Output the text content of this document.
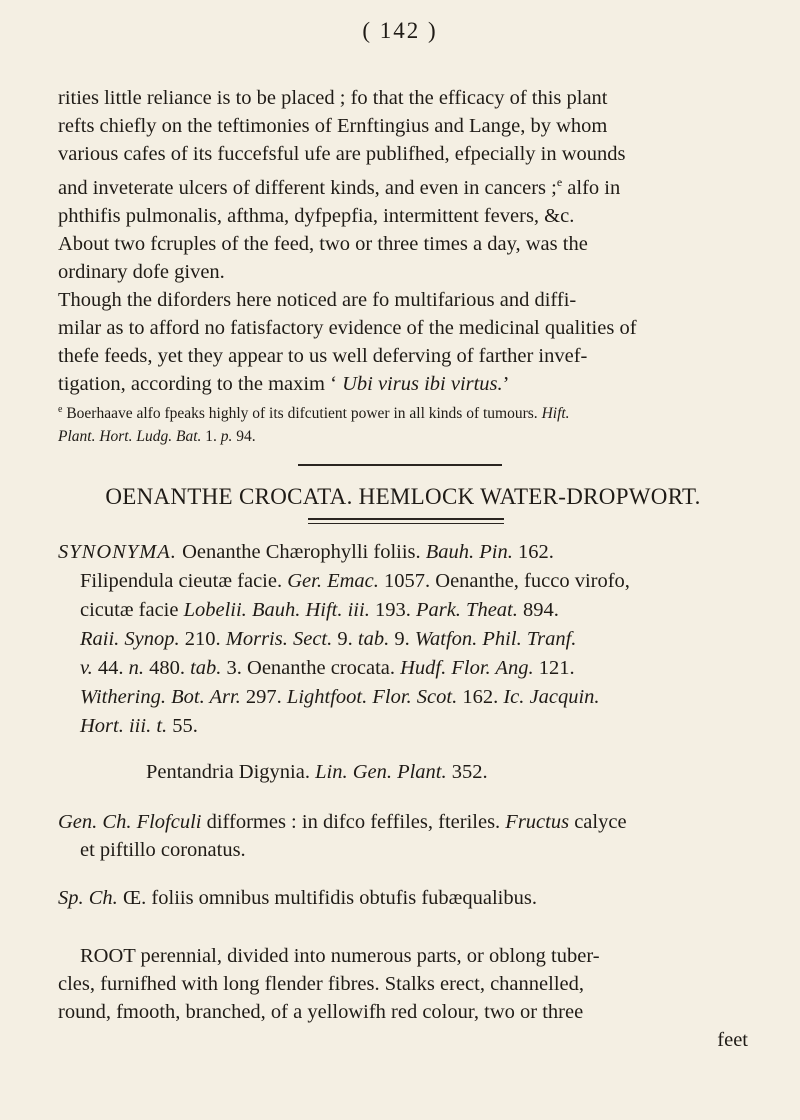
( 142 )

rities little reliance is to be placed ; fo that the efficacy of this plant

refts chiefly on the teftimonies of Ernftingius and Lange, by whom

various cafes of its fuccefsful ufe are publifhed, efpecially in wounds

and inveterate ulcers of different kinds, and even in cancers ;$^e$ alfo in

phthifis pulmonalis, afthma, dyfpepfia, intermittent fevers, &c.

About two fcruples of the feed, two or three times a day, was the

ordinary dofe given.

Though the diforders here noticed are fo multifarious and diffi-

milar as to afford no fatisfactory evidence of the medicinal qualities of

thefe feeds, yet they appear to us well deferving of farther invef-

tigation, according to the maxim ‘ Ubi virus ibi virtus.’

$^e$ Boerhaave alfo fpeaks highly of its difcutient power in all kinds of tumours. Hift.
Plant. Hort. Ludg. Bat. 1. p. 94.
OENANTHE CROCATA. HEMLOCK WATER-DROPWORT.

SYNONYMA. Oenanthe Chærophylli foliis. Bauh. Pin. 162.

Filipendula cieutæ facie. Ger. Emac. 1057. Oenanthe, fucco virofo,

cicutæ facie Lobelii. Bauh. Hift. iii. 193. Park. Theat. 894.

Raii. Synop. 210. Morris. Sect. 9. tab. 9. Watfon. Phil. Tranf.

v. 44. n. 480. tab. 3. Oenanthe crocata. Hudf. Flor. Ang. 121.

Withering. Bot. Arr. 297. Lightfoot. Flor. Scot. 162. Ic. Jacquin.

Hort. iii. t. 55.

Pentandria Digynia. Lin. Gen. Plant. 352.

Gen. Ch. Flofculi difformes : in difco feffiles, fteriles. Fructus calyce

et piftillo coronatus.

Sp. Ch. Œ. foliis omnibus multifidis obtufis fubæqualibus.

ROOT perennial, divided into numerous parts, or oblong tuber-

cles, furnifhed with long flender fibres. Stalks erect, channelled,

round, fmooth, branched, of a yellowifh red colour, two or three

feet
